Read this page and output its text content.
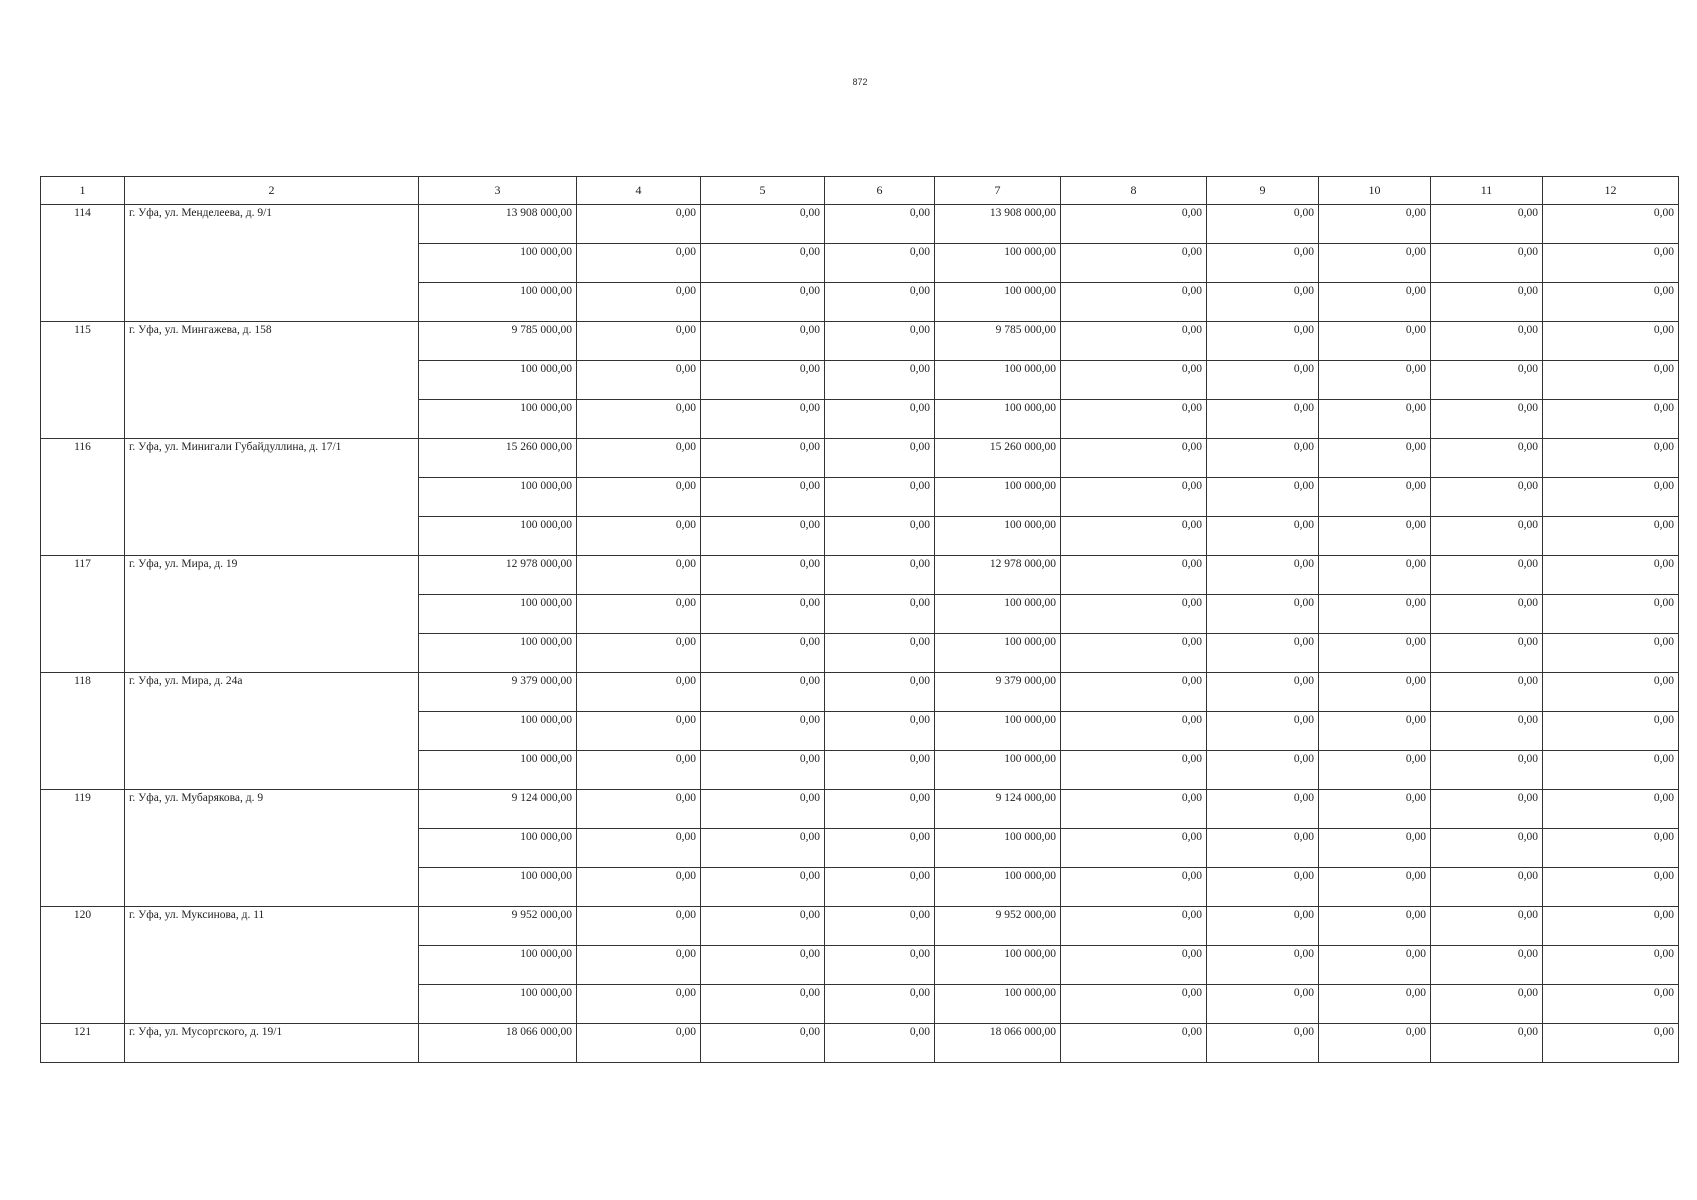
872
1	2	3	4	5	6	7	8	9	10	11	12
114	г. Уфа, ул. Менделеева, д. 9/1	13 908 000,00	0,00	0,00	0,00	13 908 000,00	0,00	0,00	0,00	0,00	0,00
		100 000,00	0,00	0,00	0,00	100 000,00	0,00	0,00	0,00	0,00	0,00
		100 000,00	0,00	0,00	0,00	100 000,00	0,00	0,00	0,00	0,00	0,00
115	г. Уфа, ул. Мингажева, д. 158	9 785 000,00	0,00	0,00	0,00	9 785 000,00	0,00	0,00	0,00	0,00	0,00
		100 000,00	0,00	0,00	0,00	100 000,00	0,00	0,00	0,00	0,00	0,00
		100 000,00	0,00	0,00	0,00	100 000,00	0,00	0,00	0,00	0,00	0,00
116	г. Уфа, ул. Минигали Губайдуллина, д. 17/1	15 260 000,00	0,00	0,00	0,00	15 260 000,00	0,00	0,00	0,00	0,00	0,00
		100 000,00	0,00	0,00	0,00	100 000,00	0,00	0,00	0,00	0,00	0,00
		100 000,00	0,00	0,00	0,00	100 000,00	0,00	0,00	0,00	0,00	0,00
117	г. Уфа, ул. Мира, д. 19	12 978 000,00	0,00	0,00	0,00	12 978 000,00	0,00	0,00	0,00	0,00	0,00
		100 000,00	0,00	0,00	0,00	100 000,00	0,00	0,00	0,00	0,00	0,00
		100 000,00	0,00	0,00	0,00	100 000,00	0,00	0,00	0,00	0,00	0,00
118	г. Уфа, ул. Мира, д. 24а	9 379 000,00	0,00	0,00	0,00	9 379 000,00	0,00	0,00	0,00	0,00	0,00
		100 000,00	0,00	0,00	0,00	100 000,00	0,00	0,00	0,00	0,00	0,00
		100 000,00	0,00	0,00	0,00	100 000,00	0,00	0,00	0,00	0,00	0,00
119	г. Уфа, ул. Мубарякова, д. 9	9 124 000,00	0,00	0,00	0,00	9 124 000,00	0,00	0,00	0,00	0,00	0,00
		100 000,00	0,00	0,00	0,00	100 000,00	0,00	0,00	0,00	0,00	0,00
		100 000,00	0,00	0,00	0,00	100 000,00	0,00	0,00	0,00	0,00	0,00
120	г. Уфа, ул. Муксинова, д. 11	9 952 000,00	0,00	0,00	0,00	9 952 000,00	0,00	0,00	0,00	0,00	0,00
		100 000,00	0,00	0,00	0,00	100 000,00	0,00	0,00	0,00	0,00	0,00
		100 000,00	0,00	0,00	0,00	100 000,00	0,00	0,00	0,00	0,00	0,00
121	г. Уфа, ул. Мусоргского, д. 19/1	18 066 000,00	0,00	0,00	0,00	18 066 000,00	0,00	0,00	0,00	0,00	0,00
